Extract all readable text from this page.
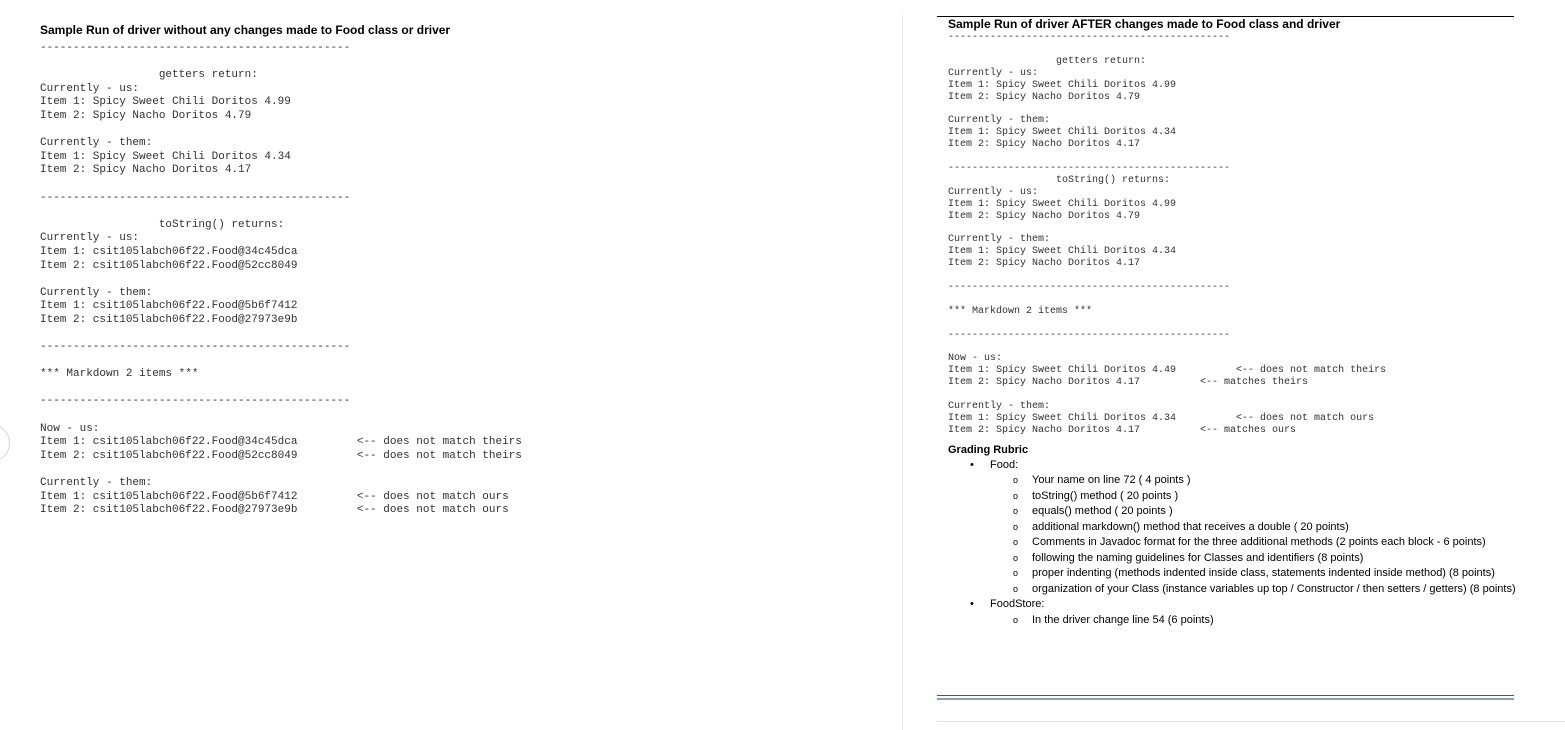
Sample Run of driver without any changes made to Food class or driver
-----------------------------------------------

getters return:
Currently - us:
Item 1: Spicy Sweet Chili Doritos 4.99
Item 2: Spicy Nacho Doritos 4.79

Currently - them:
Item 1: Spicy Sweet Chili Doritos 4.34
Item 2: Spicy Nacho Doritos 4.17

-----------------------------------------------

toString() returns:
Currently - us:
Item 1: csit105labch06f22.Food@34c45dca
Item 2: csit105labch06f22.Food@52cc8049

Currently - them:
Item 1: csit105labch06f22.Food@5b6f7412
Item 2: csit105labch06f22.Food@27973e9b

-----------------------------------------------

*** Markdown 2 items ***

-----------------------------------------------

Now - us:
Item 1: csit105labch06f22.Food@34c45dca         <-- does not match theirs
Item 2: csit105labch06f22.Food@52cc8049         <-- does not match theirs

Currently - them:
Item 1: csit105labch06f22.Food@5b6f7412         <-- does not match ours
Item 2: csit105labch06f22.Food@27973e9b         <-- does not match ours
Sample Run of driver AFTER changes made to Food class and driver
-----------------------------------------------

getters return:
Currently - us:
Item 1: Spicy Sweet Chili Doritos 4.99
Item 2: Spicy Nacho Doritos 4.79

Currently - them:
Item 1: Spicy Sweet Chili Doritos 4.34
Item 2: Spicy Nacho Doritos 4.17

-----------------------------------------------
toString() returns:
Currently - us:
Item 1: Spicy Sweet Chili Doritos 4.99
Item 2: Spicy Nacho Doritos 4.79

Currently - them:
Item 1: Spicy Sweet Chili Doritos 4.34
Item 2: Spicy Nacho Doritos 4.17

-----------------------------------------------

*** Markdown 2 items ***

-----------------------------------------------

Now - us:
Item 1: Spicy Sweet Chili Doritos 4.49          <-- does not match theirs
Item 2: Spicy Nacho Doritos 4.17          <-- matches theirs

Currently - them:
Item 1: Spicy Sweet Chili Doritos 4.34          <-- does not match ours
Item 2: Spicy Nacho Doritos 4.17          <-- matches ours
Grading Rubric
• Food:
o Your name on line 72 ( 4 points )
o toString() method ( 20 points )
o equals() method ( 20 points )
o additional markdown() method that receives a double ( 20 points)
o Comments in Javadoc format for the three additional methods (2 points each block - 6 points)
o following the naming guidelines for Classes and identifiers (8 points)
o proper indenting (methods indented inside class, statements indented inside method) (8 points)
o organization of your Class (instance variables up top / Constructor / then setters / getters) (8 points)
• FoodStore:
o In the driver change line 54 (6 points)
